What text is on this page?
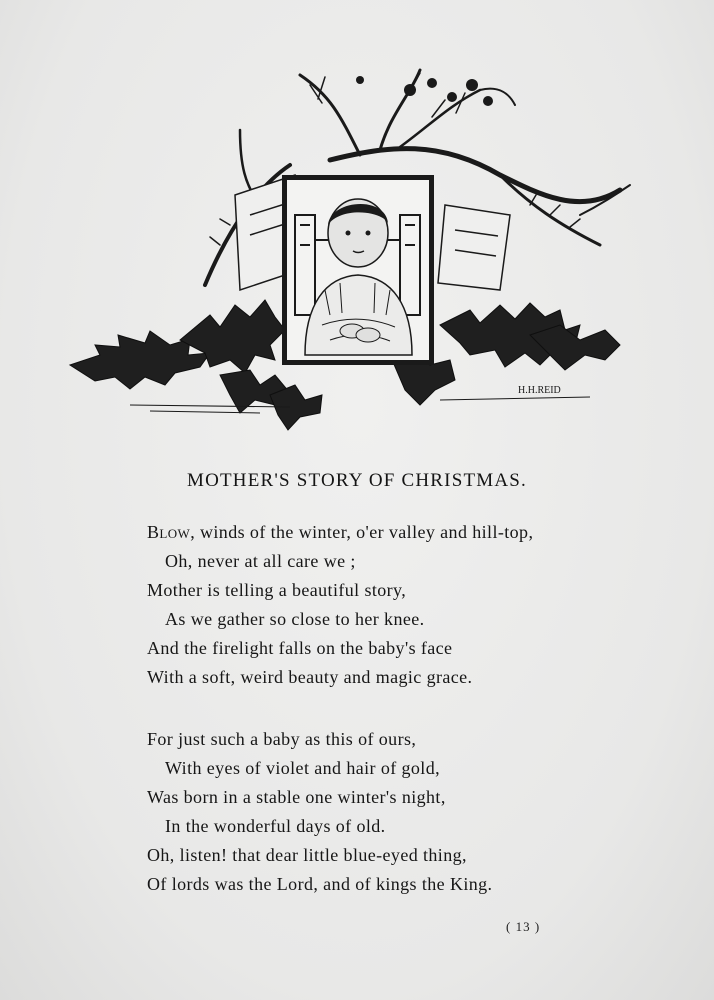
H.H.REID
MOTHER'S STORY OF CHRISTMAS.
Blow, winds of the winter, o'er valley and hill-top,
Oh, never at all care we ;
Mother is telling a beautiful story,
As we gather so close to her knee.
And the firelight falls on the baby's face
With a soft, weird beauty and magic grace.
For just such a baby as this of ours,
With eyes of violet and hair of gold,
Was born in a stable one winter's night,
In the wonderful days of old.
Oh, listen! that dear little blue-eyed thing,
Of lords was the Lord, and of kings the King.
( 13 )
